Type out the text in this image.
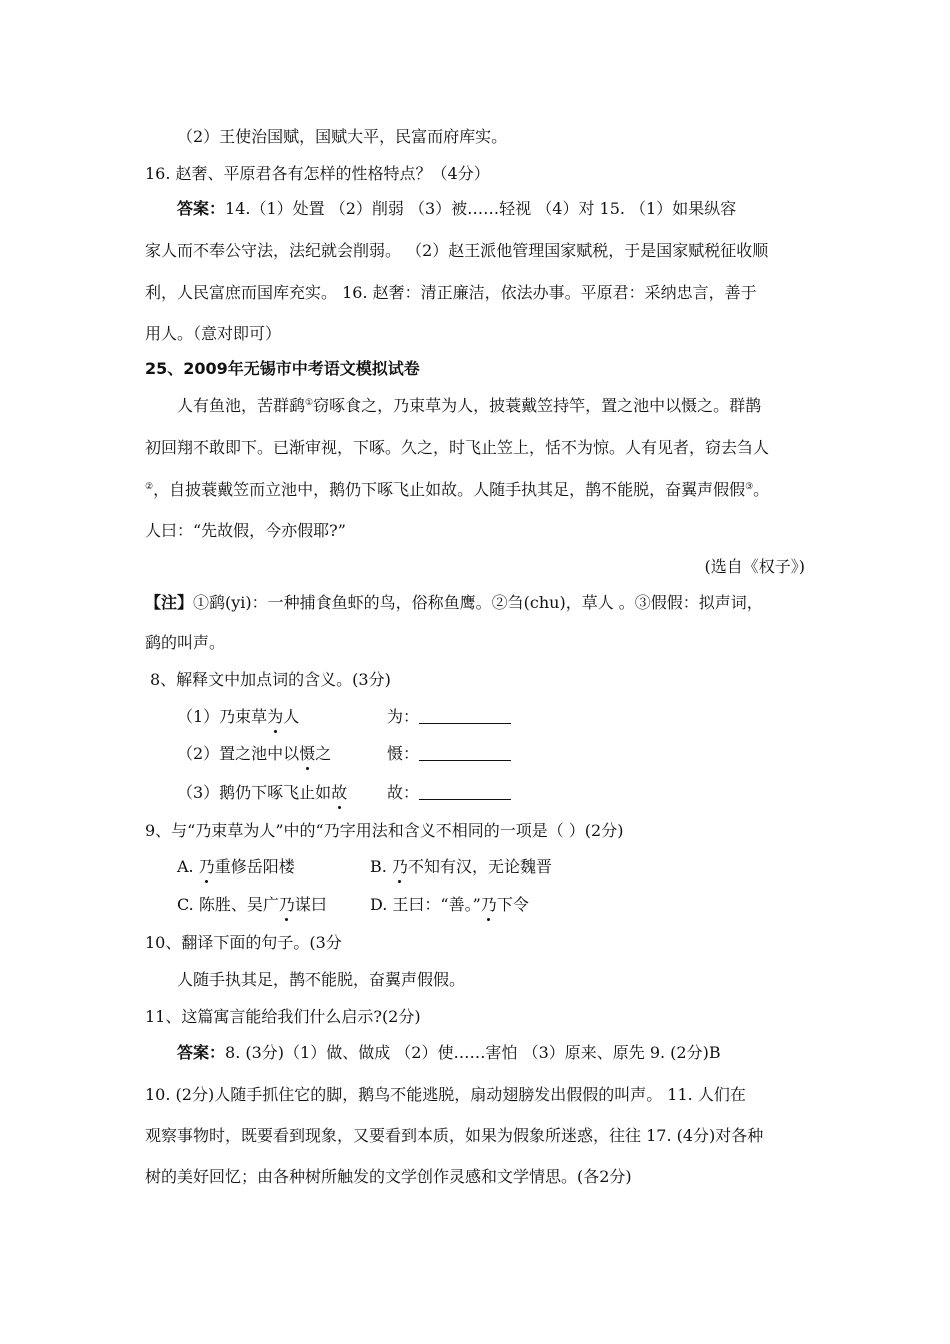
（2）王使治国赋，国赋大平，民富而府库实。
16. 赵奢、平原君各有怎样的性格特点？（4分）
答案：14.（1）处置 （2）削弱 （3）被……轻视 （4）对 15. （1）如果纵容
家人而不奉公守法，法纪就会削弱。 （2）赵王派他管理国家赋税，于是国家赋税征收顺
利，人民富庶而国库充实。 16. 赵奢：清正廉洁，依法办事。平原君：采纳忠言，善于
用人。（意对即可）
25、2009年无锡市中考语文模拟试卷
人有鱼池，苦群鹞①窃啄食之，乃束草为人，披蓑戴笠持竿，置之池中以慑之。群鹊
初回翔不敢即下。已渐审视，下啄。久之，时飞止笠上，恬不为惊。人有见者，窃去刍人
②，自披蓑戴笠而立池中，鹅仍下啄飞止如故。人随手执其足，鹊不能脱，奋翼声假假③。
人曰：“先故假，今亦假耶?”
(选自《权子》)
【注】①鹞(yi)：一种捕食鱼虾的鸟，俗称鱼鹰。②刍(chu)，草人 。③假假：拟声词，
鹞的叫声。
8、解释文中加点词的含义。(3分)
（1）乃束草为人	为：
（2）置之池中以慑之	慑：
（3）鹅仍下啄飞止如故 故：
9、与“乃束草为人”中的“乃字用法和含义不相同的一项是（ ）(2分)
A. 乃重修岳阳楼	B. 乃不知有汉，无论魏晋
C. 陈胜、吴广乃谋曰	D. 王曰：“善。”乃下令
10、翻译下面的句子。(3分
人随手执其足，鹊不能脱，奋翼声假假。
11、这篇寓言能给我们什么启示?(2分)
答案：8. (3分)（1）做、做成 （2）使……害怕 （3）原来、原先 9. (2分)B
10. (2分)人随手抓住它的脚，鹅鸟不能逃脱，扇动翅膀发出假假的叫声。 11. 人们在
观察事物时，既要看到现象，又要看到本质，如果为假象所迷惑，往往 17. (4分)对各种
树的美好回忆；由各种树所触发的文学创作灵感和文学情思。(各2分)
